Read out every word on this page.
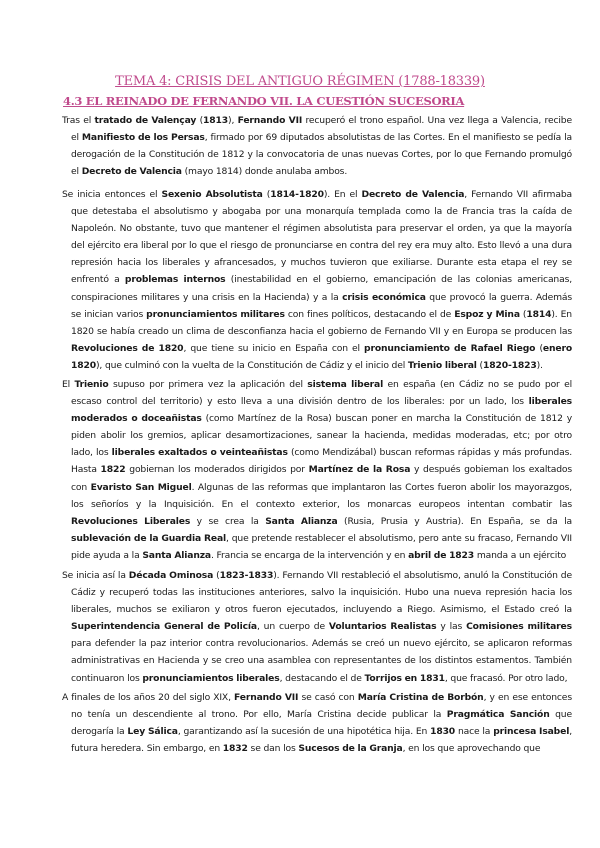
TEMA 4: CRISIS DEL ANTIGUO RÉGIMEN (1788-18339)
4.3 EL REINADO DE FERNANDO VII. LA CUESTIÓN SUCESORIA
Tras el tratado de Valençay (1813), Fernando VII recuperó el trono español. Una vez llega a Valencia, recibe
el Manifiesto de los Persas, firmado por 69 diputados absolutistas de las Cortes. En el manifiesto se pedía la
derogación de la Constitución de 1812 y la convocatoria de unas nuevas Cortes, por lo que Fernando promulgó
el Decreto de Valencia (mayo 1814) donde anulaba ambos.
Se inicia entonces el Sexenio Absolutista (1814-1820). En el Decreto de Valencia, Fernando VII afirmaba
que detestaba el absolutismo y abogaba por una monarquía templada como la de Francia tras la caída de
Napoleón. No obstante, tuvo que mantener el régimen absolutista para preservar el orden, ya que la mayoría
del ejército era liberal por lo que el riesgo de pronunciarse en contra del rey era muy alto. Esto llevó a una dura
represión hacia los liberales y afrancesados, y muchos tuvieron que exiliarse. Durante esta etapa el rey se
enfrentó a problemas internos (inestabilidad en el gobierno, emancipación de las colonias americanas,
conspiraciones militares y una crisis en la Hacienda) y a la crisis económica que provocó la guerra. Además
se inician varios pronunciamientos militares con fines políticos, destacando el de Espoz y Mina (1814). En
1820 se había creado un clima de desconfianza hacia el gobierno de Fernando VII y en Europa se producen las
Revoluciones de 1820, que tiene su inicio en España con el pronunciamiento de Rafael Riego (enero
1820), que culminó con la vuelta de la Constitución de Cádiz y el inicio del Trienio liberal (1820-1823).
El Trienio supuso por primera vez la aplicación del sistema liberal en españa (en Cádiz no se pudo por el
escaso control del territorio) y esto lleva a una división dentro de los liberales: por un lado, los liberales
moderados o doceañistas (como Martínez de la Rosa) buscan poner en marcha la Constitución de 1812 y
piden abolir los gremios, aplicar desamortizaciones, sanear la hacienda, medidas moderadas, etc; por otro
lado, los liberales exaltados o veinteañistas (como Mendizábal) buscan reformas rápidas y más profundas.
Hasta 1822 gobiernan los moderados dirigidos por Martínez de la Rosa y después gobieman los exaltados
con Evaristo San Miguel. Algunas de las reformas que implantaron las Cortes fueron abolir los mayorazgos,
los señoríos y la Inquisición. En el contexto exterior, los monarcas europeos intentan combatir las
Revoluciones Liberales y se crea la Santa Alianza (Rusia, Prusia y Austria). En España, se da la
sublevación de la Guardia Real, que pretende restablecer el absolutismo, pero ante su fracaso, Fernando VII
pide ayuda a la Santa Alianza. Francia se encarga de la intervención y en abril de 1823 manda a un ejército
Se inicia así la Década Ominosa (1823-1833). Fernando VII restableció el absolutismo, anuló la Constitución de
Cádiz y recuperó todas las instituciones anteriores, salvo la inquisición. Hubo una nueva represión hacia los
liberales, muchos se exiliaron y otros fueron ejecutados, incluyendo a Riego. Asimismo, el Estado creó la
Superintendencia General de Policía, un cuerpo de Voluntarios Realistas y las Comisiones militares
para defender la paz interior contra revolucionarios. Además se creó un nuevo ejército, se aplicaron reformas
administrativas en Hacienda y se creo una asamblea con representantes de los distintos estamentos. También
continuaron los pronunciamientos liberales, destacando el de Torrijos en 1831, que fracasó. Por otro lado,
A finales de los años 20 del siglo XIX, Fernando VII se casó con María Cristina de Borbón, y en ese entonces
no tenía un descendiente al trono. Por ello, María Cristina decide publicar la Pragmática Sanción que
derogaría la Ley Sálica, garantizando así la sucesión de una hipotética hija. En 1830 nace la princesa Isabel,
futura heredera. Sin embargo, en 1832 se dan los Sucesos de la Granja, en los que aprovechando que
